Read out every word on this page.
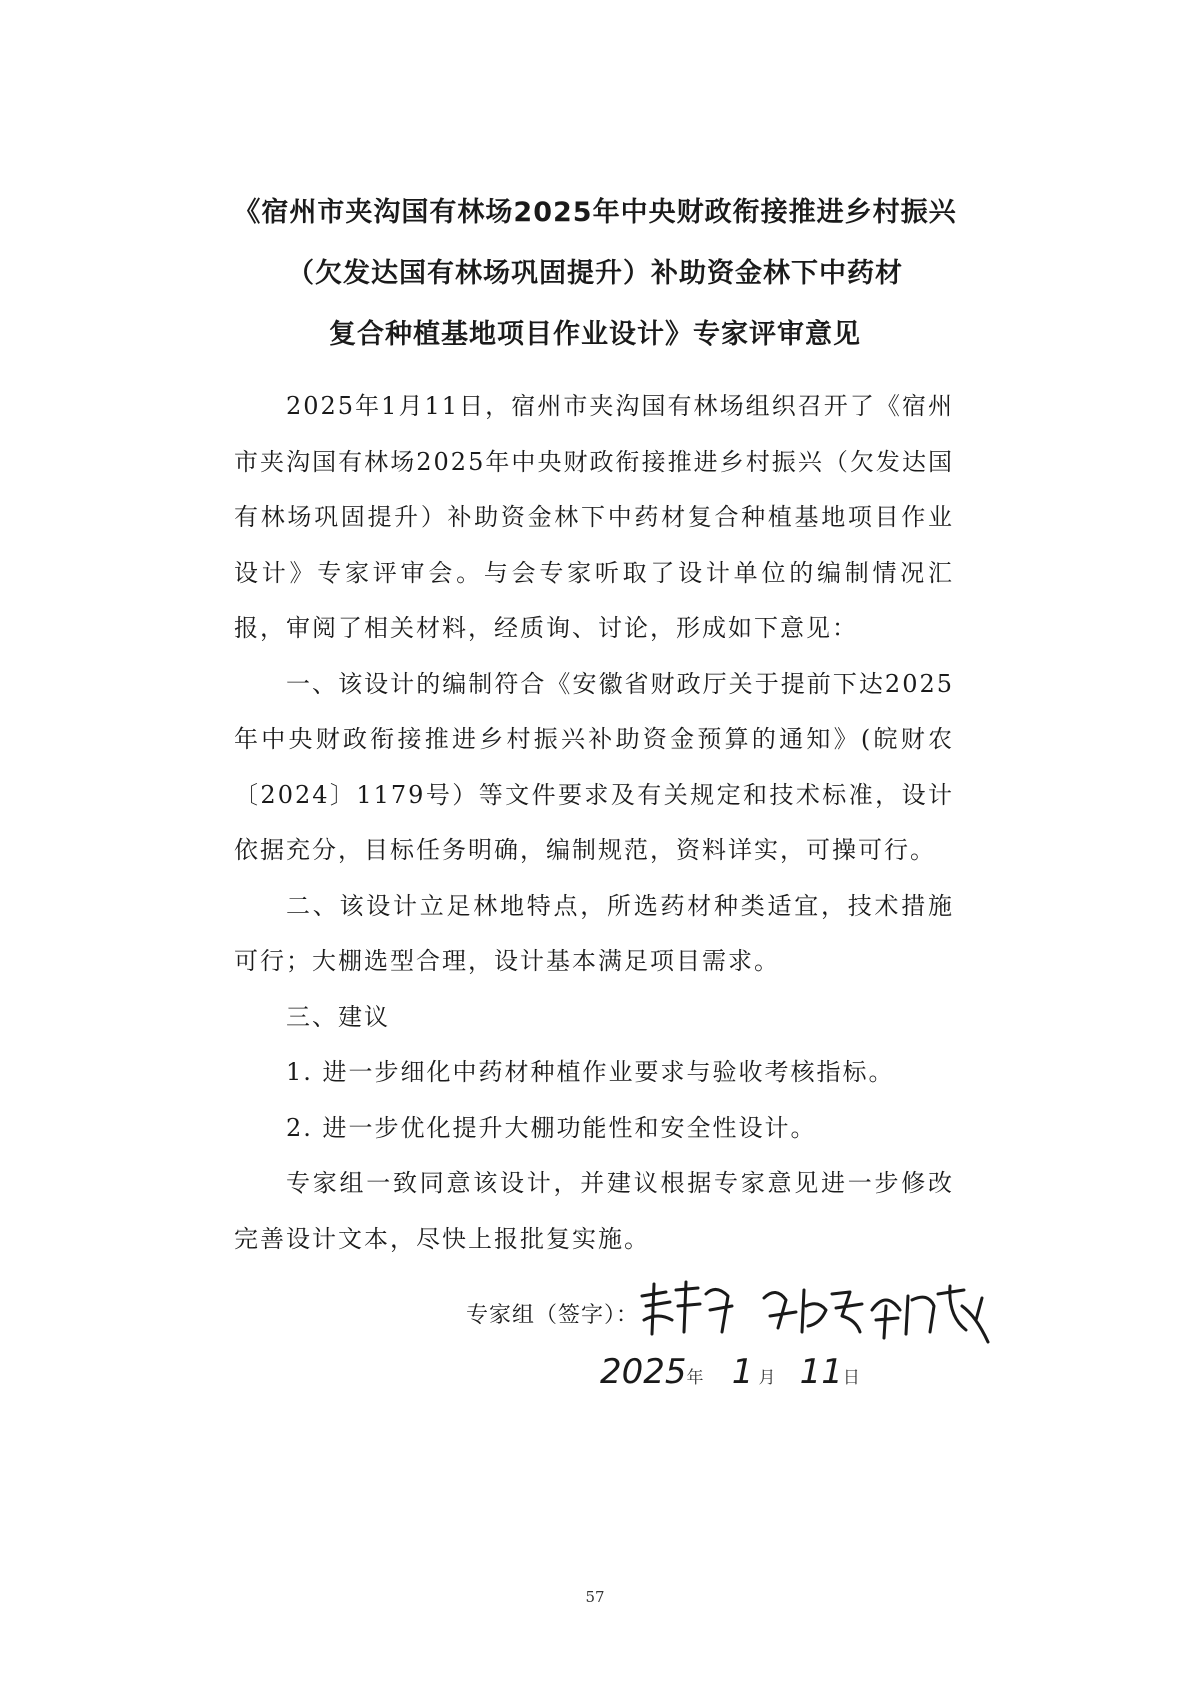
《宿州市夹沟国有林场2025年中央财政衔接推进乡村振兴
（欠发达国有林场巩固提升）补助资金林下中药材
复合种植基地项目作业设计》专家评审意见

2025年1月11日，宿州市夹沟国有林场组织召开了《宿州市夹沟国有林场2025年中央财政衔接推进乡村振兴（欠发达国有林场巩固提升）补助资金林下中药材复合种植基地项目作业设计》专家评审会。与会专家听取了设计单位的编制情况汇报，审阅了相关材料，经质询、讨论，形成如下意见：

一、该设计的编制符合《安徽省财政厅关于提前下达2025年中央财政衔接推进乡村振兴补助资金预算的通知》(皖财农〔2024〕1179号）等文件要求及有关规定和技术标准，设计依据充分，目标任务明确，编制规范，资料详实，可操可行。

二、该设计立足林地特点，所选药材种类适宜，技术措施可行；大棚选型合理，设计基本满足项目需求。

三、建议

1. 进一步细化中药材种植作业要求与验收考核指标。

2. 进一步优化提升大棚功能性和安全性设计。

专家组一致同意该设计，并建议根据专家意见进一步修改完善设计文本，尽快上报批复实施。

专家组（签字）：
2025年 1 月 11日
57
